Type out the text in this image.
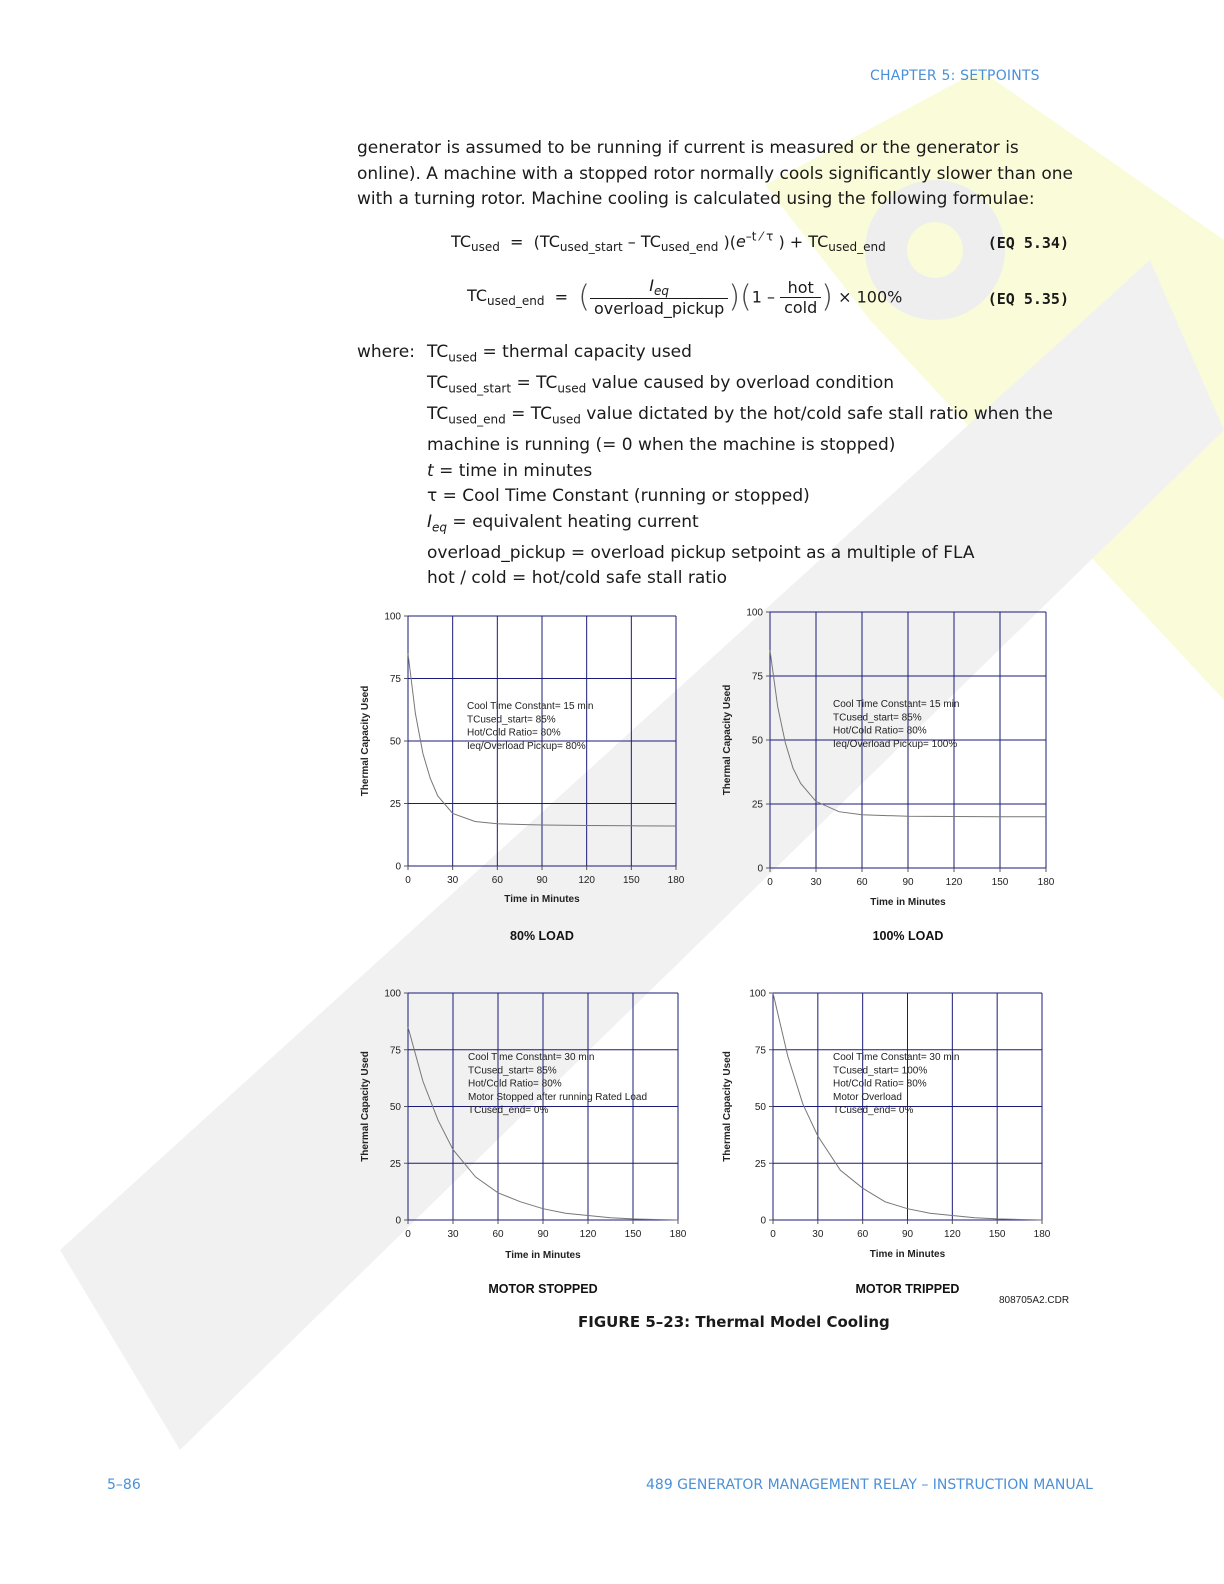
CHAPTER 5: SETPOINTS

generator is assumed to be running if current is measured or the generator is online). A machine with a stopped rotor normally cools significantly slower than one with a turning rotor. Machine cooling is calculated using the following formulae:

$TC_{used} = (TC_{used\_start} - TC_{used\_end}$ )($e^{-t ⁄ \tau}$ ) + $TC_{used\_end}$	(EQ 5.34)
$TC_{used\_end}$  =  ( $\frac{I_{eq}}{\text{overload\_pickup}} )(1 - \frac{\text{hot}}{\text{cold}}$ ) × 100%	(EQ 5.35)
where: $TC_{used}$ = thermal capacity used
$TC_{used\_start} = TC_{used}$ value caused by overload condition
$TC_{used\_end} = TC_{used}$ value dictated by the hot/cold safe stall ratio when the
machine is running (= 0 when the machine is stopped)
t = time in minutes
τ = Cool Time Constant (running or stopped)
$I_{eq}$ = equivalent heating current
overload_pickup = overload pickup setpoint as a multiple of FLA
hot / cold = hot/cold safe stall ratio
0	30	60	90	120	150	180
0
25
50
75
100
Time in Minutes
Thermal Capacity Used	Cool Time Constant= 15 min
TCused_start= 85%
Hot/Cold Ratio= 80%
Ieq/Overload Pickup= 80%
80% LOAD
0	30	60	90	120	150	180
0
25
50
75
100
Time in Minutes
Thermal Capacity Used	Cool Time Constant= 15 min
TCused_start= 85%
Hot/Cold Ratio= 80%
Ieq/Overload Pickup= 100%
100% LOAD
0	30	60	90	120	150	180
0
25
50
75
100
Time in Minutes
Thermal Capacity Used	Cool Time Constant= 30 min
TCused_start= 85%
Hot/Cold Ratio= 80%
Motor Stopped after running Rated Load
TCused_end= 0%
MOTOR STOPPED
0	30	60	90	120	150	180
0
25
50
75
100
Time in Minutes
Thermal Capacity Used	Cool Time Constant= 30 min
TCused_start= 100%
Hot/Cold Ratio= 80%
Motor Overload
TCused_end= 0%
MOTOR TRIPPED
808705A2.CDR
FIGURE 5–23: Thermal Model Cooling
5–86	489 GENERATOR MANAGEMENT RELAY – INSTRUCTION MANUAL
